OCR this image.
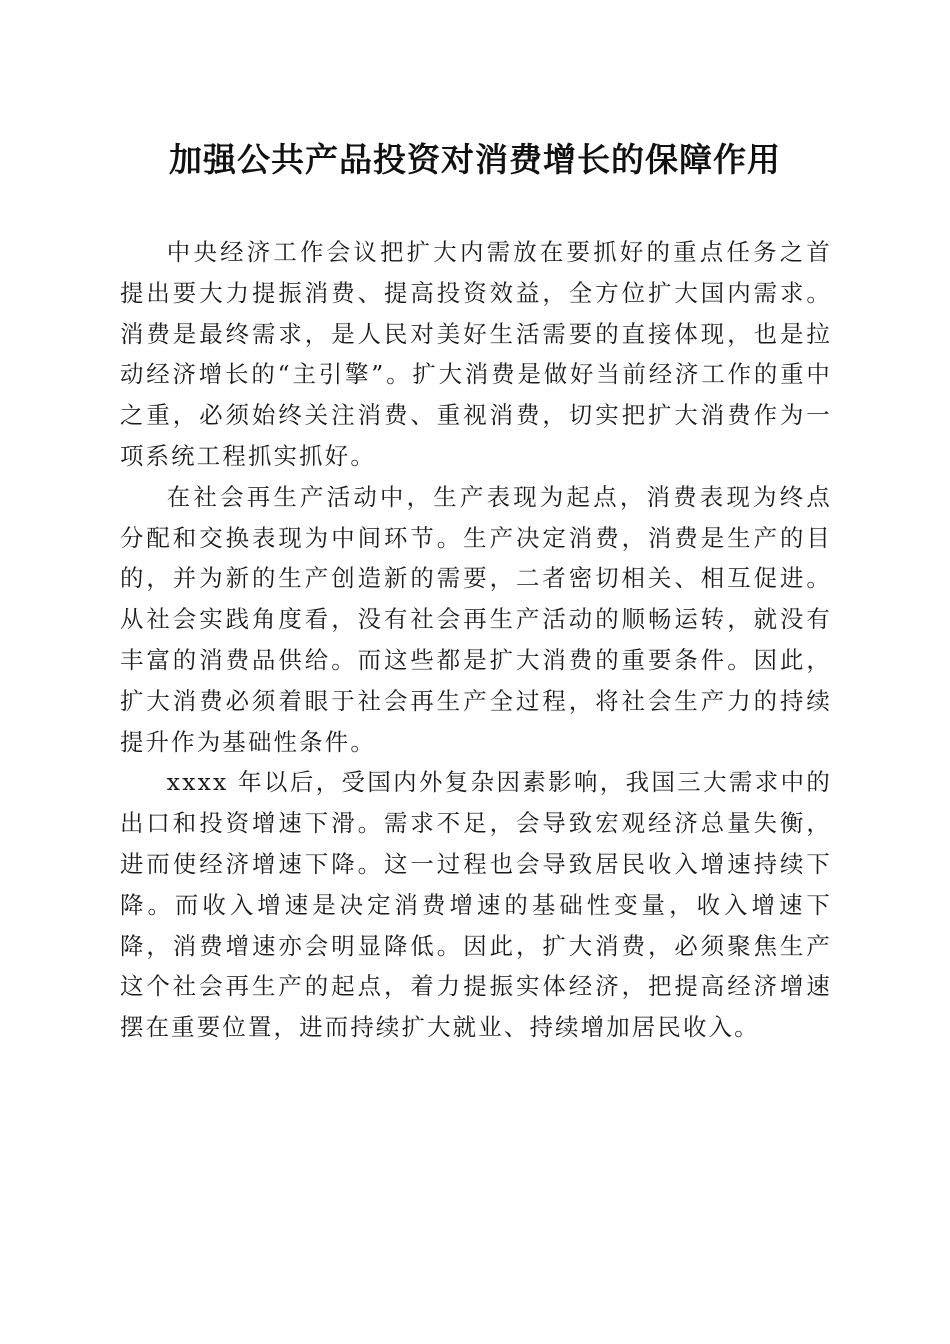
加强公共产品投资对消费增长的保障作用

中央经济工作会议把扩大内需放在要抓好的重点任务之首提出要大力提振消费、提高投资效益，全方位扩大国内需求。消费是最终需求，是人民对美好生活需要的直接体现，也是拉动经济增长的“主引擎”。扩大消费是做好当前经济工作的重中之重，必须始终关注消费、重视消费，切实把扩大消费作为一项系统工程抓实抓好。

在社会再生产活动中，生产表现为起点，消费表现为终点分配和交换表现为中间环节。生产决定消费，消费是生产的目的，并为新的生产创造新的需要，二者密切相关、相互促进。从社会实践角度看，没有社会再生产活动的顺畅运转，就没有丰富的消费品供给。而这些都是扩大消费的重要条件。因此，扩大消费必须着眼于社会再生产全过程，将社会生产力的持续提升作为基础性条件。

xxxx 年以后，受国内外复杂因素影响，我国三大需求中的出口和投资增速下滑。需求不足，会导致宏观经济总量失衡，进而使经济增速下降。这一过程也会导致居民收入增速持续下降。而收入增速是决定消费增速的基础性变量，收入增速下降，消费增速亦会明显降低。因此，扩大消费，必须聚焦生产这个社会再生产的起点，着力提振实体经济，把提高经济增速摆在重要位置，进而持续扩大就业、持续增加居民收入。
